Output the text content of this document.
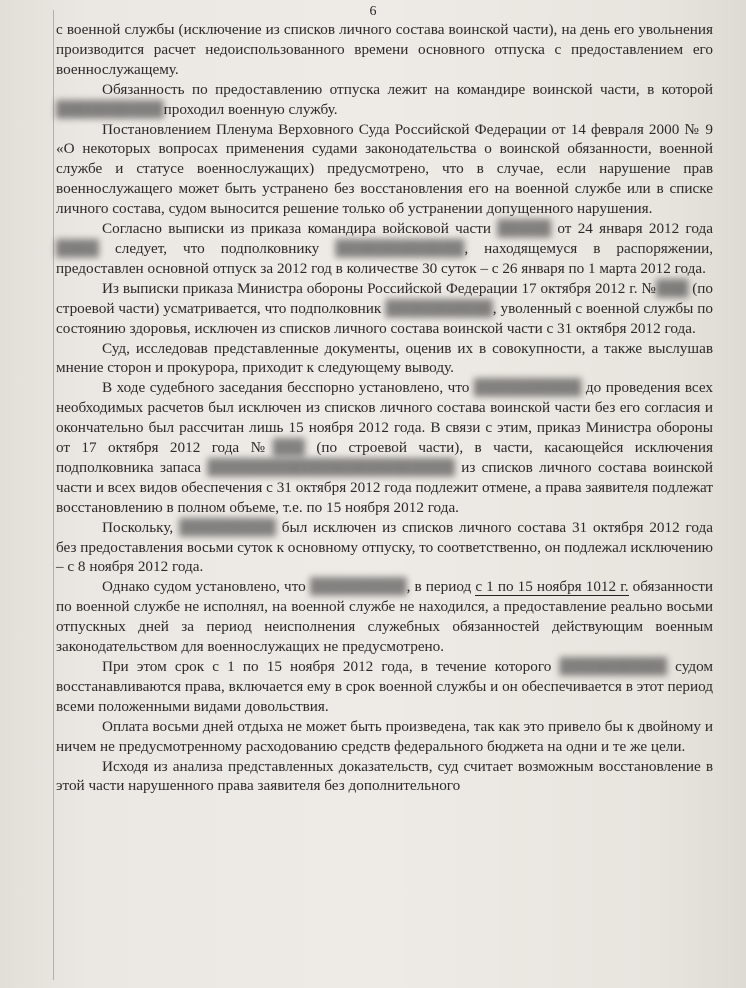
6

с военной службы (исключение из списков личного состава воинской части), на день его увольнения производится расчет недоиспользованного времени основного отпуска с предоставлением его военнослужащему.

Обязанность по предоставлению отпуска лежит на командире воинской части, в которой ██████████проходил военную службу.

Постановлением Пленума Верховного Суда Российской Федерации от 14 февраля 2000 № 9 «О некоторых вопросах применения судами законодательства о воинской обязанности, военной службе и статусе военнослужащих) предусмотрено, что в случае, если нарушение прав военнослужащего может быть устранено без восстановления его на военной службе или в списке личного состава, судом выносится решение только об устранении допущенного нарушения.

Согласно выписки из приказа командира войсковой части █████ от 24 января 2012 года ████ следует, что подполковнику ████████████, находящемуся в распоряжении, предоставлен основной отпуск за 2012 год в количестве 30 суток – с 26 января по 1 марта 2012 года.

Из выписки приказа Министра обороны Российской Федерации 17 октября 2012 г. №███ (по строевой части) усматривается, что подполковник ██████████, уволенный с военной службы по состоянию здоровья, исключен из списков личного состава воинской части с 31 октября 2012 года.

Суд, исследовав представленные документы, оценив их в совокупности, а также выслушав мнение сторон и прокурора, приходит к следующему выводу.

В ходе судебного заседания бесспорно установлено, что ██████████ до проведения всех необходимых расчетов был исключен из списков личного состава воинской части без его согласия и окончательно был рассчитан лишь 15 ноября 2012 года. В связи с этим, приказ Министра обороны от 17 октября 2012 года №███ (по строевой части), в части, касающейся исключения подполковника запаса ███████████████████████ из списков личного состава воинской части и всех видов обеспечения с 31 октября 2012 года подлежит отмене, а права заявителя подлежат восстановлению в полном объеме, т.е. по 15 ноября 2012 года.

Поскольку, █████████ был исключен из списков личного состава 31 октября 2012 года без предоставления восьми суток к основному отпуску, то соответственно, он подлежал исключению – с 8 ноября 2012 года.

Однако судом установлено, что █████████, в период с 1 по 15 ноября 1012 г. обязанности по военной службе не исполнял, на военной службе не находился, а предоставление реально восьми отпускных дней за период неисполнения служебных обязанностей действующим военным законодательством для военнослужащих не предусмотрено.

При этом срок с 1 по 15 ноября 2012 года, в течение которого ██████████ судом восстанавливаются права, включается ему в срок военной службы и он обеспечивается в этот период всеми положенными видами довольствия.

Оплата восьми дней отдыха не может быть произведена, так как это привело бы к двойному и ничем не предусмотренному расходованию средств федерального бюджета на одни и те же цели.

Исходя из анализа представленных доказательств, суд считает возможным восстановление в этой части нарушенного права заявителя без дополнительного
